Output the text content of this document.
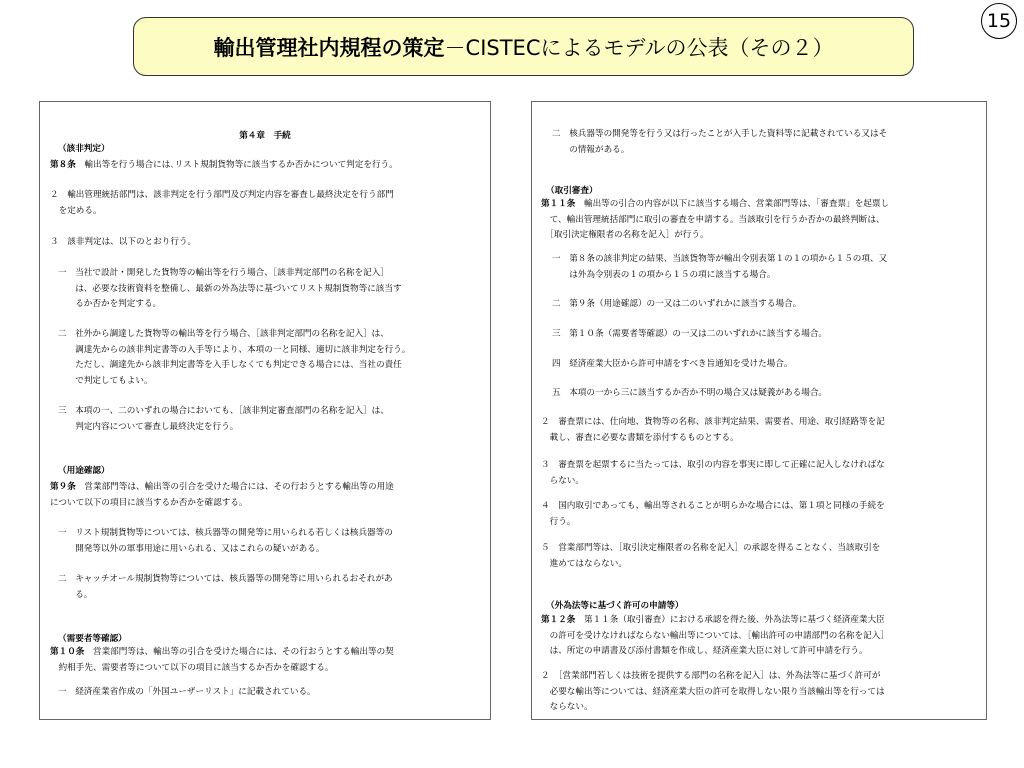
15
輸出管理社内規程の策定 －CISTECによるモデルの公表（その２）
第４章　手続
（該非判定）
第８条　輸出等を行う場合には､リスト規制貨物等に該当するか否かについて判定を行う。
２　輸出管理統括部門は、該非判定を行う部門及び判定内容を審査し最終決定を行う部門
　を定める。
３　該非判定は、以下のとおり行う。
一　当社で設計・開発した貨物等の輸出等を行う場合、［該非判定部門の名称を記入］
　　は、必要な技術資料を整備し、最新の外為法等に基づいてリスト規制貨物等に該当す
　　るか否かを判定する。
二　社外から調達した貨物等の輸出等を行う場合、［該非判定部門の名称を記入］は、
　　調達先からの該非判定書等の入手等により、本項の一と同様、適切に該非判定を行う。
　　ただし、調達先から該非判定書等を入手しなくても判定できる場合には、当社の責任
　　で判定してもよい。
三　本項の一、二のいずれの場合においても、［該非判定審査部門の名称を記入］は、
　　判定内容について審査し最終決定を行う。
（用途確認）
第９条　営業部門等は、輸出等の引合を受けた場合には、その行おうとする輸出等の用途
について以下の項目に該当するか否かを確認する。
一　リスト規制貨物等については、核兵器等の開発等に用いられる若しくは核兵器等の
　　開発等以外の軍事用途に用いられる、又はこれらの疑いがある。
二　キャッチオール規制貨物等については、核兵器等の開発等に用いられるおそれがあ
　　る。
（需要者等確認）
第１０条　営業部門等は、輸出等の引合を受けた場合には、その行おうとする輸出等の契
　約相手先、需要者等について以下の項目に該当するか否かを確認する。
一　経済産業省作成の「外国ユーザーリスト」に記載されている。
二　核兵器等の開発等を行う又は行ったことが入手した資料等に記載されている又はそ
　　の情報がある。
（取引審査）
第１１条　輸出等の引合の内容が以下に該当する場合、営業部門等は、「審査票」を起票し
　て、輸出管理統括部門に取引の審査を申請する。当該取引を行うか否かの最終判断は、
　［取引決定権限者の名称を記入］が行う。
一　第８条の該非判定の結果、当該貨物等が輸出令別表第１の１の項から１５の項、又
　　は外為令別表の１の項から１５の項に該当する場合。
二　第９条（用途確認）の一又は二のいずれかに該当する場合。
三　第１０条（需要者等確認）の一又は二のいずれかに該当する場合。
四　経済産業大臣から許可申請をすべき旨通知を受けた場合。
五　本項の一から三に該当するか否か不明の場合又は疑義がある場合。
２　審査票には、仕向地、貨物等の名称、該非判定結果、需要者、用途、取引経路等を記
　載し、審査に必要な書類を添付するものとする。
３　審査票を起票するに当たっては、取引の内容を事実に即して正確に記入しなければな
　らない。
４　国内取引であっても、輸出等されることが明らかな場合には、第１項と同様の手続を
　行う。
５　営業部門等は、［取引決定権限者の名称を記入］の承認を得ることなく、当該取引を
　進めてはならない。
（外為法等に基づく許可の申請等）
第１２条　第１１条（取引審査）における承認を得た後、外為法等に基づく経済産業大臣
　の許可を受けなければならない輸出等については､［輸出許可の申請部門の名称を記入］
　は、所定の申請書及び添付書類を作成し、経済産業大臣に対して許可申請を行う。
２　［営業部門若しくは技術を提供する部門の名称を記入］は、外為法等に基づく許可が
　必要な輸出等については、経済産業大臣の許可を取得しない限り当該輸出等を行っては
　ならない。
